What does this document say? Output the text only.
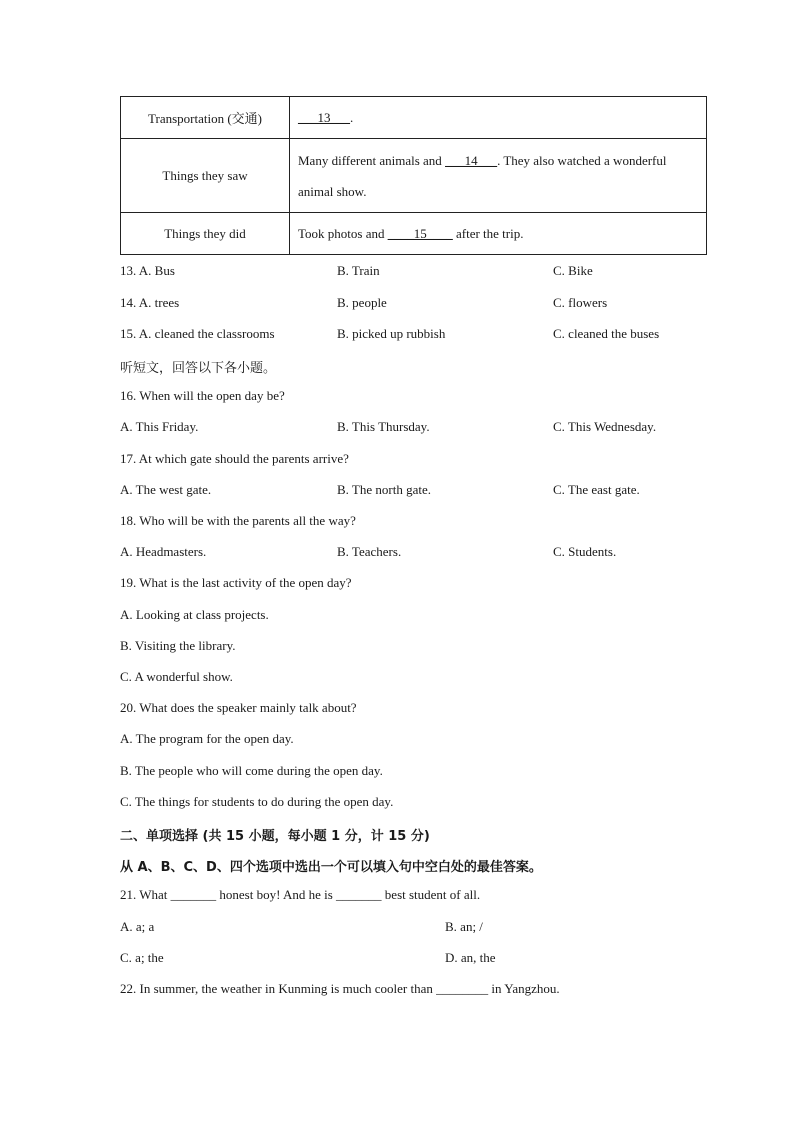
Transportation (交通)	___13___.
Things they saw	Many different animals and ___14___. They also watched a wonderful animal show.
Things they did	Took photos and ____15____ after the trip.
13. A. Bus	B. Train	C. Bike
14. A. trees	B. people	C. flowers
15. A. cleaned the classrooms	B. picked up rubbish	C. cleaned the buses
听短文，回答以下各小题。
16. When will the open day be?
A. This Friday.	B. This Thursday.	C. This Wednesday.
17. At which gate should the parents arrive?
A. The west gate.	B. The north gate.	C. The east gate.
18. Who will be with the parents all the way?
A. Headmasters.	B. Teachers.	C. Students.
19. What is the last activity of the open day?
A. Looking at class projects.
B. Visiting the library.
C. A wonderful show.
20. What does the speaker mainly talk about?
A. The program for the open day.
B. The people who will come during the open day.
C. The things for students to do during the open day.
二、单项选择 (共 15 小题，每小题 1 分，计 15 分)
从 A、B、C、D、四个选项中选出一个可以填入句中空白处的最佳答案。
21. What _______ honest boy! And he is _______ best student of all.
A. a; a	B. an; /
C. a; the	D. an, the
22. In summer, the weather in Kunming is much cooler than ________ in Yangzhou.
